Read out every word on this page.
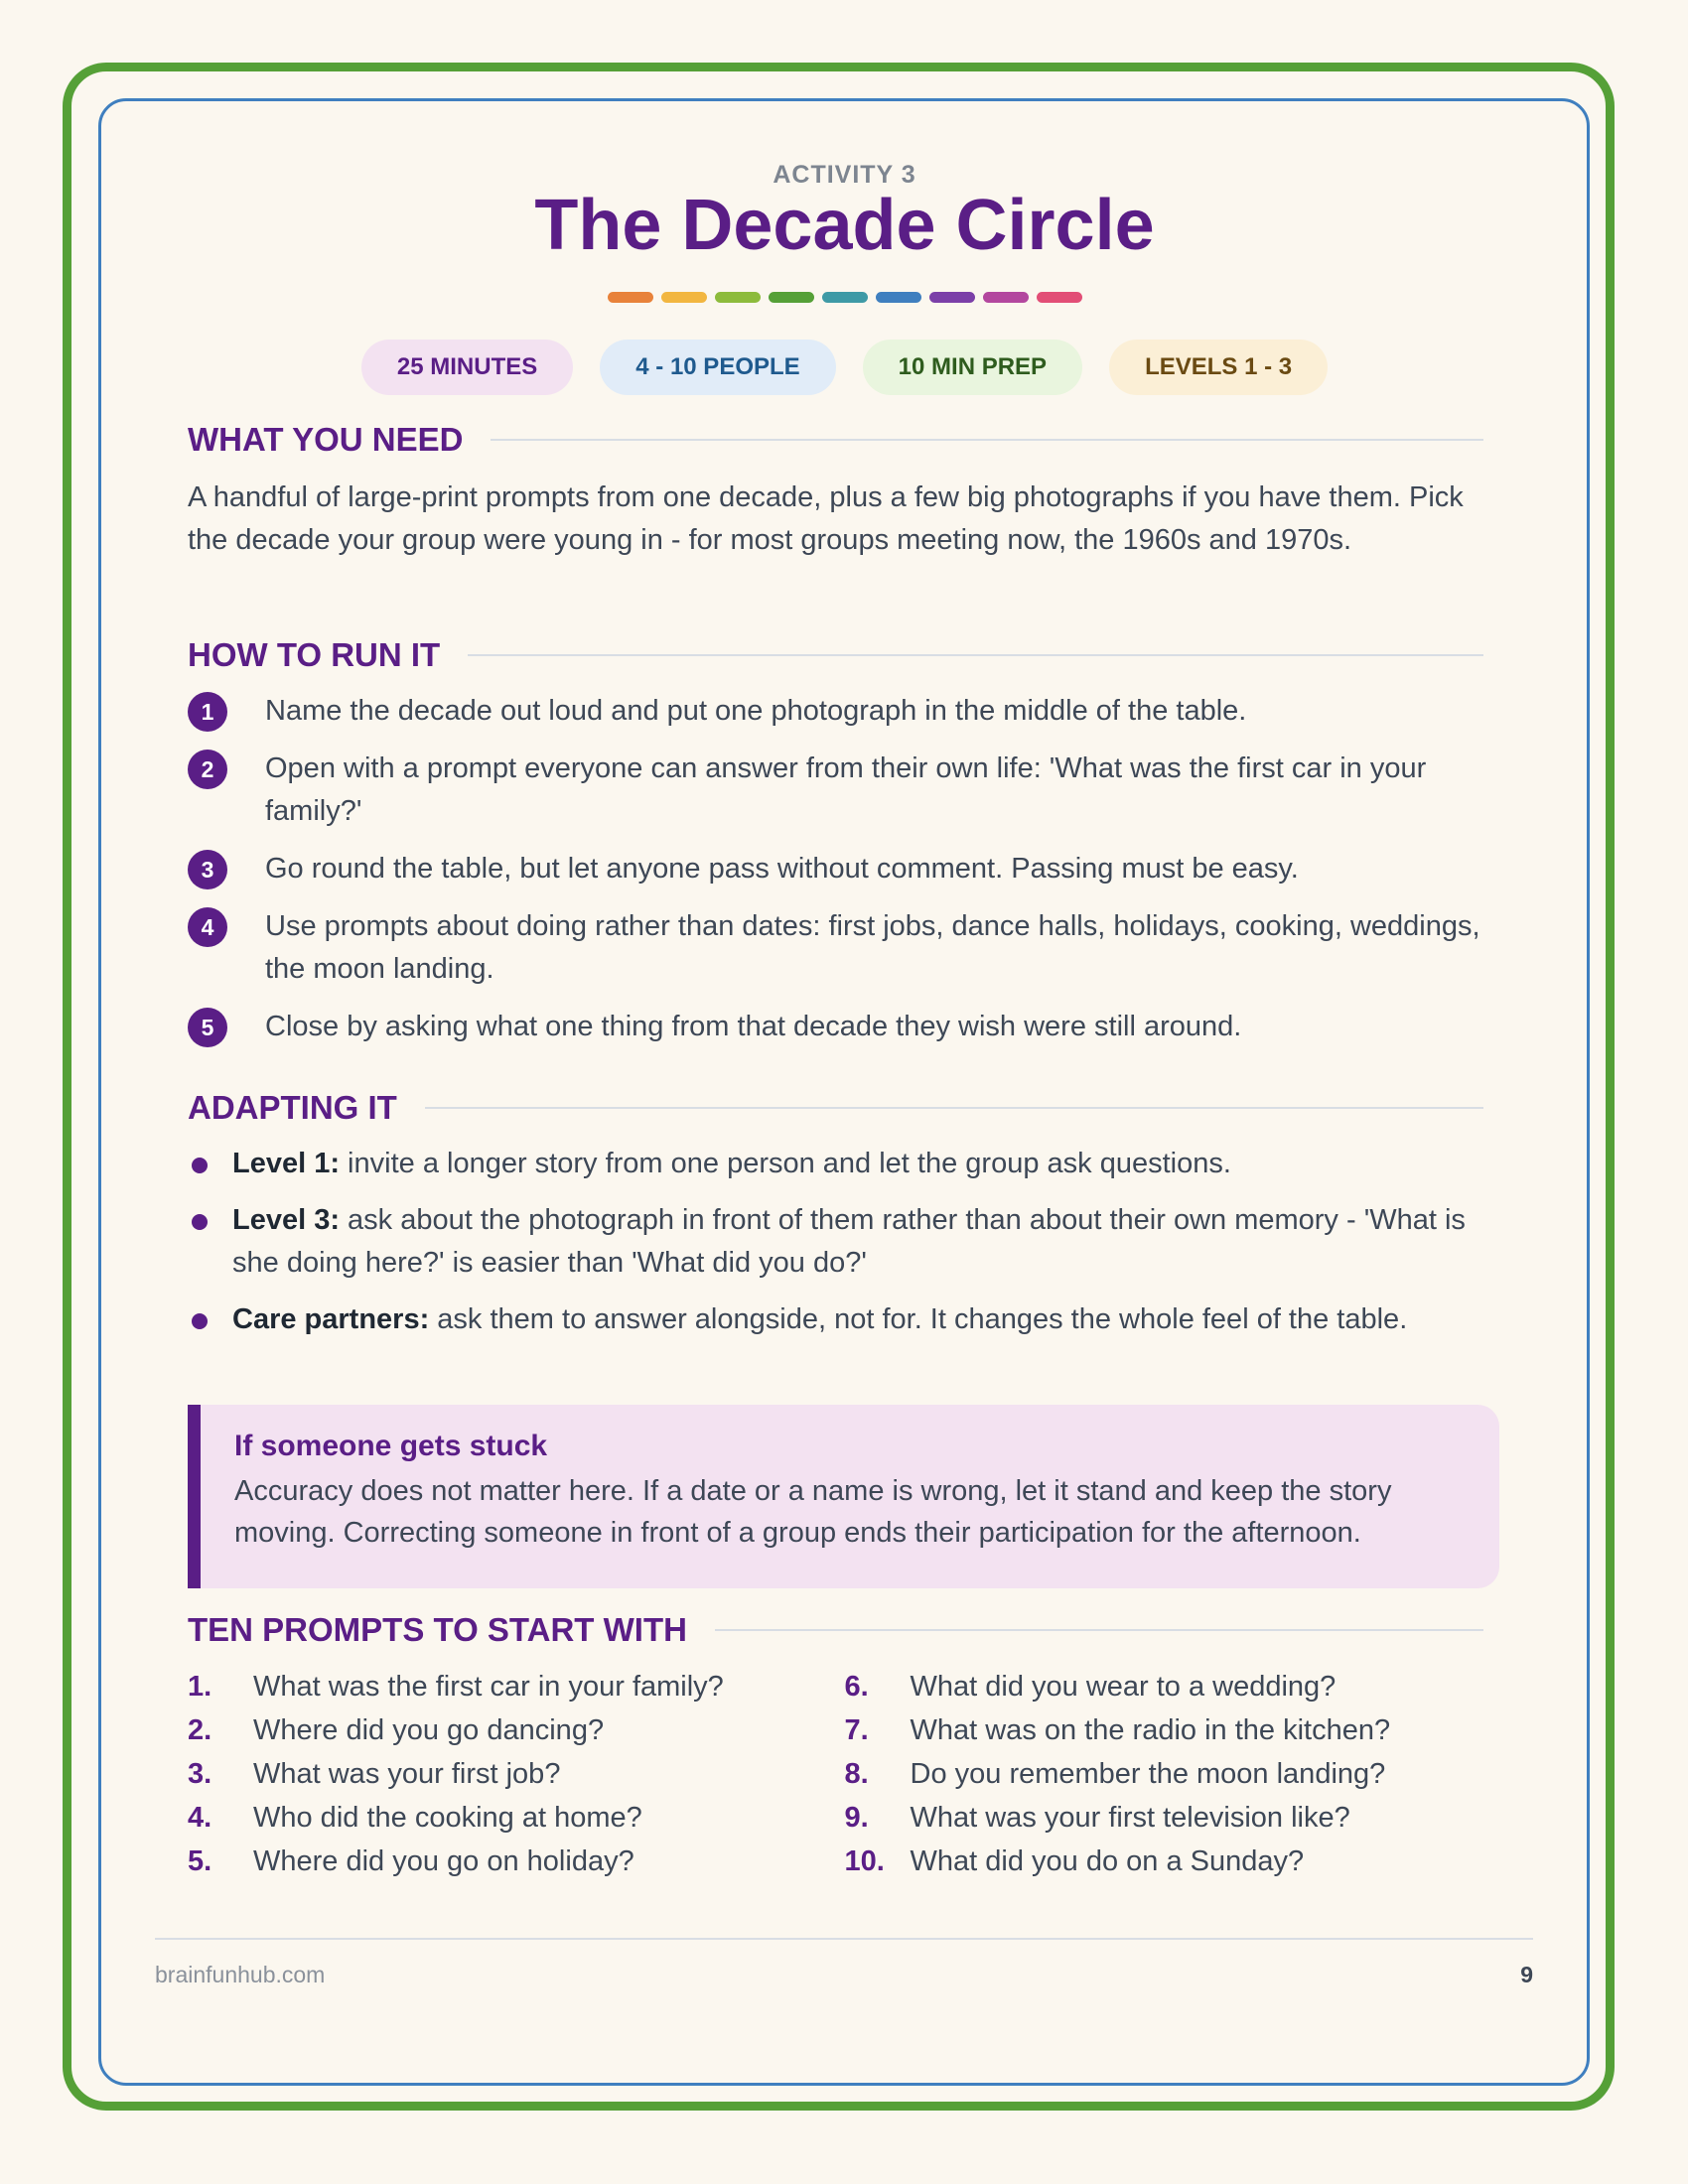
ACTIVITY 3
The Decade Circle
25 MINUTES	4 - 10 PEOPLE	10 MIN PREP	LEVELS 1 - 3
WHAT YOU NEED

A handful of large-print prompts from one decade, plus a few big photographs if you have them. Pick the decade your group were young in - for most groups meeting now, the 1960s and 1970s.

HOW TO RUN IT
1	Name the decade out loud and put one photograph in the middle of the table.
2	Open with a prompt everyone can answer from their own life: 'What was the first car in your family?'
3	Go round the table, but let anyone pass without comment. Passing must be easy.
4	Use prompts about doing rather than dates: first jobs, dance halls, holidays, cooking, weddings, the moon landing.
5	Close by asking what one thing from that decade they wish were still around.
ADAPTING IT
Level 1: invite a longer story from one person and let the group ask questions.
Level 3: ask about the photograph in front of them rather than about their own memory - 'What is she doing here?' is easier than 'What did you do?'
Care partners: ask them to answer alongside, not for. It changes the whole feel of the table.
If someone gets stuck

Accuracy does not matter here. If a date or a name is wrong, let it stand and keep the story moving. Correcting someone in front of a group ends their participation for the afternoon.

TEN PROMPTS TO START WITH
1.	What was the first car in your family?
2.	Where did you go dancing?
3.	What was your first job?
4.	Who did the cooking at home?
5.	Where did you go on holiday?
6.	What did you wear to a wedding?
7.	What was on the radio in the kitchen?
8.	Do you remember the moon landing?
9.	What was your first television like?
10. What did you do on a Sunday?
brainfunhub.com	9
